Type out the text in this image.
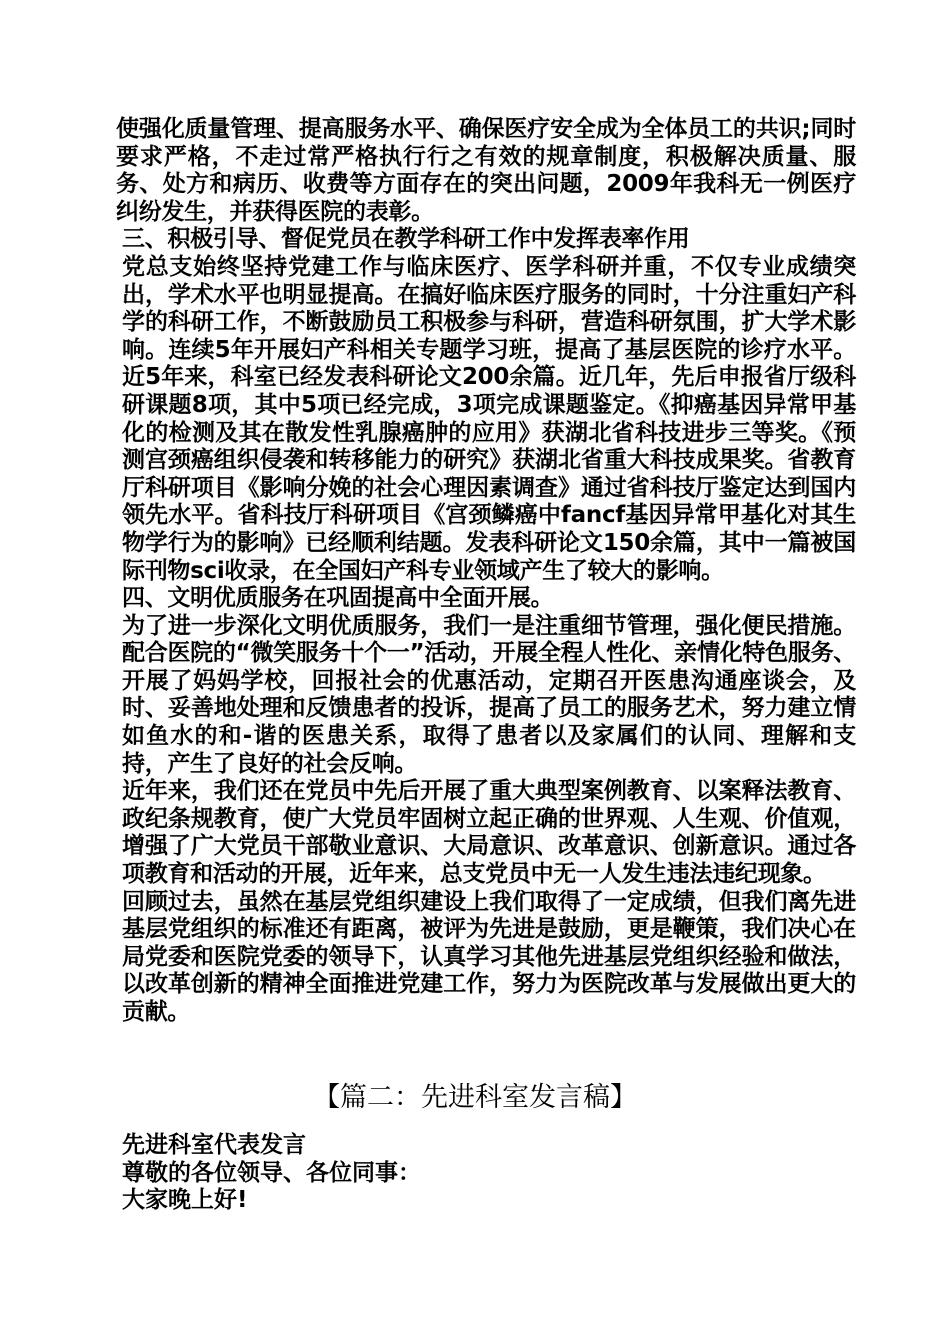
使强化质量管理、提高服务水平、确保医疗安全成为全体员工的共识;同时要求严格，不走过常严格执行行之有效的规章制度，积极解决质量、服务、处方和病历、收费等方面存在的突出问题，2009年我科无一例医疗纠纷发生，并获得医院的表彰。

三、积极引导、督促党员在教学科研工作中发挥表率作用

党总支始终坚持党建工作与临床医疗、医学科研并重，不仅专业成绩突出，学术水平也明显提高。在搞好临床医疗服务的同时，十分注重妇产科学的科研工作，不断鼓励员工积极参与科研，营造科研氛围，扩大学术影响。连续5年开展妇产科相关专题学习班，提高了基层医院的诊疗水平。近5年来，科室已经发表科研论文200余篇。近几年，先后申报省厅级科研课题8项，其中5项已经完成，3项完成课题鉴定。《抑癌基因异常甲基化的检测及其在散发性乳腺癌肿的应用》获湖北省科技进步三等奖。《预测宫颈癌组织侵袭和转移能力的研究》获湖北省重大科技成果奖。省教育厅科研项目《影响分娩的社会心理因素调查》通过省科技厅鉴定达到国内领先水平。省科技厅科研项目《宫颈鳞癌中fancf基因异常甲基化对其生物学行为的影响》已经顺利结题。发表科研论文150余篇，其中一篇被国际刊物sci收录，在全国妇产科专业领域产生了较大的影响。

四、文明优质服务在巩固提高中全面开展。

为了进一步深化文明优质服务，我们一是注重细节管理，强化便民措施。配合医院的“微笑服务十个一”活动，开展全程人性化、亲情化特色服务、开展了妈妈学校，回报社会的优惠活动，定期召开医患沟通座谈会，及时、妥善地处理和反馈患者的投诉，提高了员工的服务艺术，努力建立情如鱼水的和-谐的医患关系，取得了患者以及家属们的认同、理解和支持，产生了良好的社会反响。

近年来，我们还在党员中先后开展了重大典型案例教育、以案释法教育、政纪条规教育，使广大党员牢固树立起正确的世界观、人生观、价值观，增强了广大党员干部敬业意识、大局意识、改革意识、创新意识。通过各项教育和活动的开展，近年来，总支党员中无一人发生违法违纪现象。

回顾过去，虽然在基层党组织建设上我们取得了一定成绩，但我们离先进基层党组织的标准还有距离，被评为先进是鼓励，更是鞭策，我们决心在局党委和医院党委的领导下，认真学习其他先进基层党组织经验和做法，以改革创新的精神全面推进党建工作，努力为医院改革与发展做出更大的贡献。

【篇二：先进科室发言稿】

先进科室代表发言

尊敬的各位领导、各位同事：

大家晚上好!
